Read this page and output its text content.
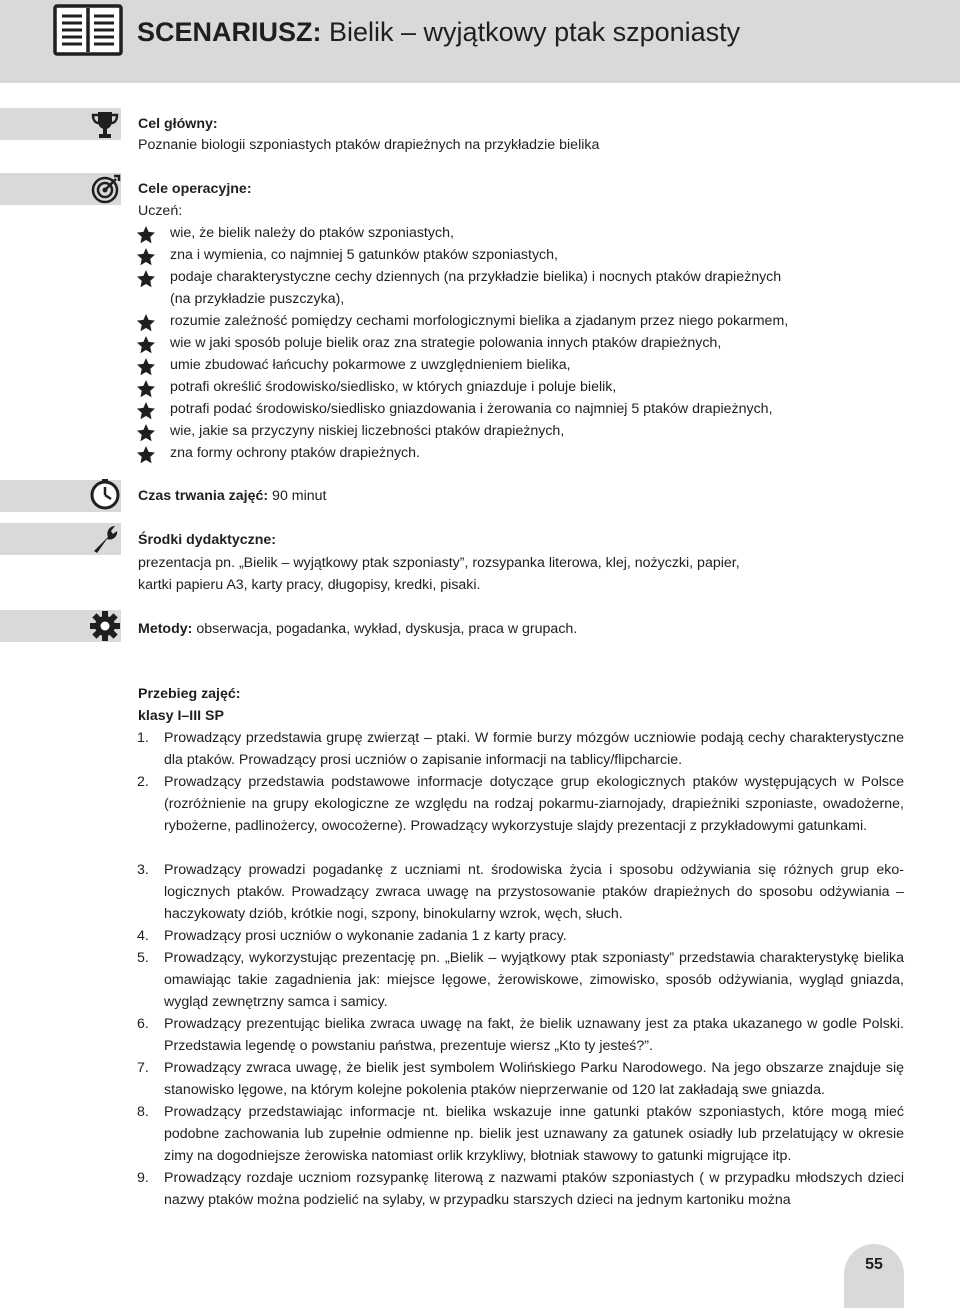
SCENARIUSZ: Bielik – wyjątkowy ptak szponiasty
Cel główny:
Poznanie biologii szponiastych ptaków drapieżnych na przykładzie bielika
Cele operacyjne:
Uczeń:
wie, że bielik należy do ptaków szponiastych,
zna i wymienia, co najmniej 5 gatunków ptaków szponiastych,
podaje charakterystyczne cechy dziennych (na przykładzie bielika) i nocnych ptaków drapieżnych
(na przykładzie puszczyka),
rozumie zależność pomiędzy cechami morfologicznymi bielika a zjadanym przez niego pokarmem,
wie w jaki sposób poluje bielik oraz zna strategie polowania innych ptaków drapieżnych,
umie zbudować łańcuchy pokarmowe z uwzględnieniem bielika,
potrafi określić środowisko/siedlisko, w których gniazduje i poluje bielik,
potrafi podać środowisko/siedlisko gniazdowania i żerowania co najmniej 5 ptaków drapieżnych,
wie, jakie sa przyczyny niskiej liczebności ptaków drapieżnych,
zna formy ochrony ptaków drapieżnych.
Czas trwania zajęć: 90 minut
Środki dydaktyczne:
prezentacja pn. „Bielik – wyjątkowy ptak szponiasty”, rozsypanka literowa, klej, nożyczki, papier,
kartki papieru A3, karty pracy, długopisy, kredki, pisaki.
Metody: obserwacja, pogadanka, wykład, dyskusja, praca w grupach.
Przebieg zajęć:
klasy I–III SP
1. Prowadzący przedstawia grupę zwierząt – ptaki. W formie burzy mózgów uczniowie podają cechy charakterystyczne dla ptaków. Prowadzący prosi uczniów o zapisanie informacji na tablicy/flipcharcie.
2. Prowadzący przedstawia podstawowe informacje dotyczące grup ekologicznych ptaków występujących w Polsce (rozróżnienie na grupy ekologiczne ze względu na rodzaj pokarmu-ziarnojady, drapieżniki szponiaste, owadożerne, rybożerne, padlinożercy, owocożerne). Prowadzący wykorzystuje slajdy prezentacji z przykładowymi gatunkami.
3. Prowadzący prowadzi pogadankę z uczniami nt. środowiska życia i sposobu odżywiania się różnych grup ekologicznych ptaków. Prowadzący zwraca uwagę na przystosowanie ptaków drapieżnych do sposobu odżywiania – haczykowaty dziób, krótkie nogi, szpony, binokularny wzrok, węch, słuch.
4. Prowadzący prosi uczniów o wykonanie zadania 1 z karty pracy.
5. Prowadzący, wykorzystując prezentację pn. „Bielik – wyjątkowy ptak szponiasty” przedstawia charakterystykę bielika omawiając takie zagadnienia jak: miejsce lęgowe, żerowiskowe, zimowisko, sposób odżywiania, wygląd gniazda, wygląd zewnętrzny samca i samicy.
6. Prowadzący prezentując bielika zwraca uwagę na fakt, że bielik uznawany jest za ptaka ukazanego w godle Polski. Przedstawia legendę o powstaniu państwa, prezentuje wiersz „Kto ty jesteś?”.
7. Prowadzący zwraca uwagę, że bielik jest symbolem Wolińskiego Parku Narodowego. Na jego obszarze znajduje się stanowisko lęgowe, na którym kolejne pokolenia ptaków nieprzerwanie od 120 lat zakładają swe gniazda.
8. Prowadzący przedstawiając informacje nt. bielika wskazuje inne gatunki ptaków szponiastych, które mogą mieć podobne zachowania lub zupełnie odmienne np. bielik jest uznawany za gatunek osiadły lub przelatujący w okresie zimy na dogodniejsze żerowiska natomiast orlik krzykliwy, błotniak stawowy to gatunki migrujące itp.
9. Prowadzący rozdaje uczniom rozsypankę literową z nazwami ptaków szponiastych ( w przypadku młodszych dzieci nazwy ptaków można podzielić na sylaby, w przypadku starszych dzieci na jednym kartoniku można
55
